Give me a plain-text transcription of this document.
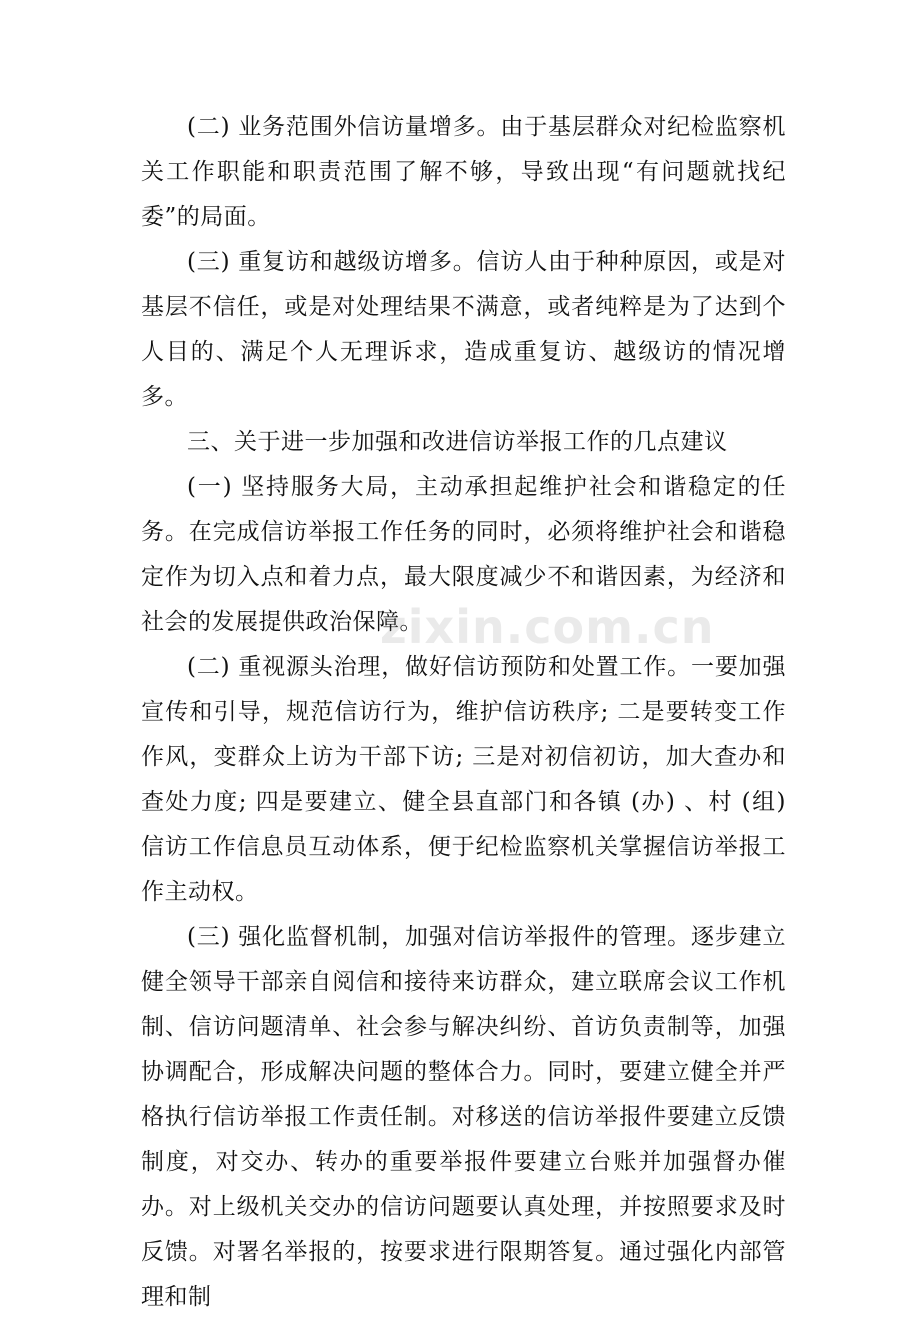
(二) 业务范围外信访量增多。由于基层群众对纪检监察机关工作职能和职责范围了解不够，导致出现“有问题就找纪委”的局面。

(三) 重复访和越级访增多。信访人由于种种原因，或是对基层不信任，或是对处理结果不满意，或者纯粹是为了达到个人目的、满足个人无理诉求，造成重复访、越级访的情况增多。

三、关于进一步加强和改进信访举报工作的几点建议

(一) 坚持服务大局，主动承担起维护社会和谐稳定的任务。在完成信访举报工作任务的同时，必须将维护社会和谐稳定作为切入点和着力点，最大限度减少不和谐因素，为经济和社会的发展提供政治保障。

(二) 重视源头治理，做好信访预防和处置工作。一要加强宣传和引导，规范信访行为，维护信访秩序; 二是要转变工作作风，变群众上访为干部下访; 三是对初信初访，加大查办和查处力度; 四是要建立、健全县直部门和各镇 (办) 、村 (组) 信访工作信息员互动体系，便于纪检监察机关掌握信访举报工作主动权。

(三) 强化监督机制，加强对信访举报件的管理。逐步建立健全领导干部亲自阅信和接待来访群众，建立联席会议工作机制、信访问题清单、社会参与解决纠纷、首访负责制等，加强协调配合，形成解决问题的整体合力。同时，要建立健全并严格执行信访举报工作责任制。对移送的信访举报件要建立反馈制度，对交办、转办的重要举报件要建立台账并加强督办催办。对上级机关交办的信访问题要认真处理，并按照要求及时反馈。对署名举报的，按要求进行限期答复。通过强化内部管理和制

zixin.com.cn
